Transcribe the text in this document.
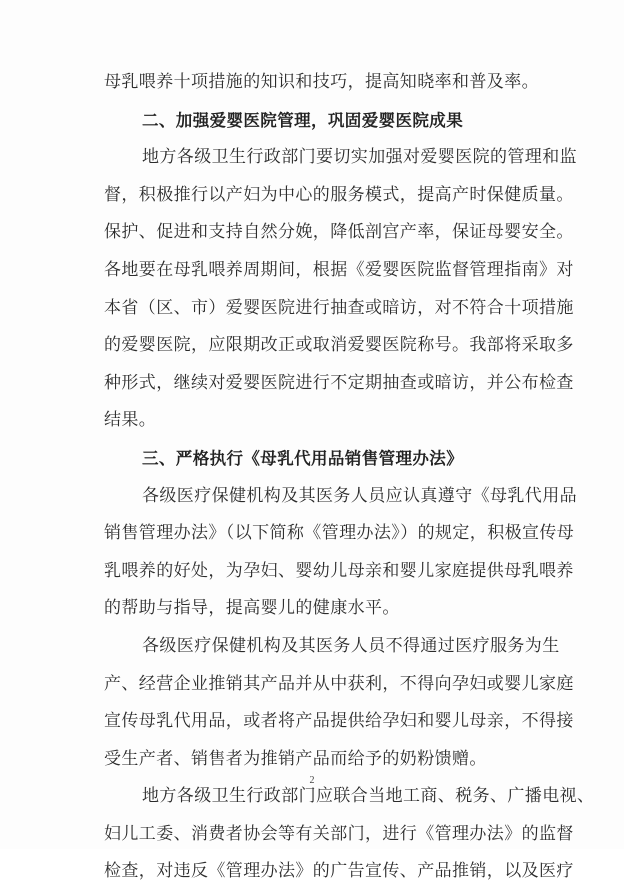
母乳喂养十项措施的知识和技巧，提高知晓率和普及率。
二、加强爱婴医院管理，巩固爱婴医院成果
地方各级卫生行政部门要切实加强对爱婴医院的管理和监
督，积极推行以产妇为中心的服务模式，提高产时保健质量。
保护、促进和支持自然分娩，降低剖宫产率，保证母婴安全。
各地要在母乳喂养周期间，根据《爱婴医院监督管理指南》对
本省（区、市）爱婴医院进行抽查或暗访，对不符合十项措施
的爱婴医院，应限期改正或取消爱婴医院称号。我部将采取多
种形式，继续对爱婴医院进行不定期抽查或暗访，并公布检查
结果。
三、严格执行《母乳代用品销售管理办法》
各级医疗保健机构及其医务人员应认真遵守《母乳代用品
销售管理办法》（以下简称《管理办法》）的规定，积极宣传母
乳喂养的好处，为孕妇、婴幼儿母亲和婴儿家庭提供母乳喂养
的帮助与指导，提高婴儿的健康水平。
各级医疗保健机构及其医务人员不得通过医疗服务为生
产、经营企业推销其产品并从中获利，不得向孕妇或婴儿家庭
宣传母乳代用品，或者将产品提供给孕妇和婴儿母亲，不得接
受生产者、销售者为推销产品而给予的奶粉馈赠。
地方各级卫生行政部门应联合当地工商、税务、广播电视、
妇儿工委、消费者协会等有关部门，进行《管理办法》的监督
检查，对违反《管理办法》的广告宣传、产品推销，以及医疗
2
